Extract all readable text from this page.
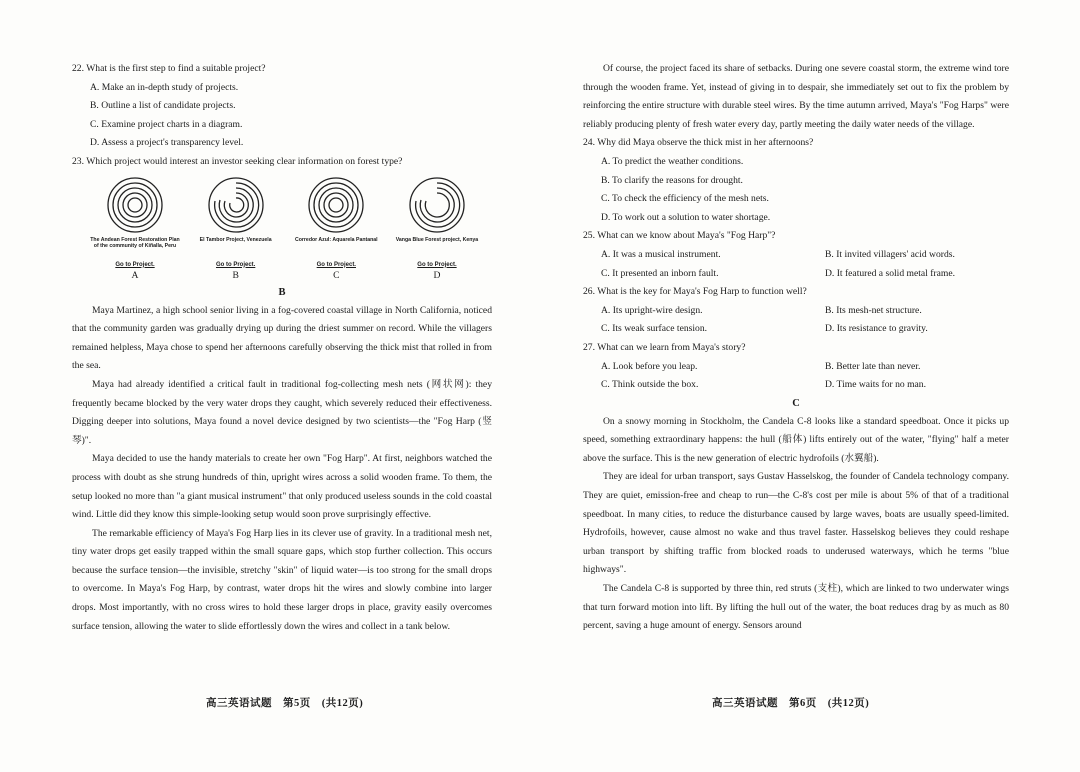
22. What is the first step to find a suitable project?

A. Make an in-depth study of projects.

B. Outline a list of candidate projects.

C. Examine project charts in a diagram.

D. Assess a project's transparency level.

23. Which project would interest an investor seeking clear information on forest type?

The Andean Forest Restoration Plan of the community of Kiñalla, Peru
Go to Project.
A
El Tambor Project, Venezuela
Go to Project.
B
Corredor Azul: Aquarela Pantanal
Go to Project.
C
Vanga Blue Forest project, Kenya
Go to Project.
D

B

Maya Martinez, a high school senior living in a fog-covered coastal village in North California, noticed that the community garden was gradually drying up during the driest summer on record. While the villagers remained helpless, Maya chose to spend her afternoons carefully observing the thick mist that rolled in from the sea.

Maya had already identified a critical fault in traditional fog-collecting mesh nets (网状网): they frequently became blocked by the very water drops they caught, which severely reduced their effectiveness. Digging deeper into solutions, Maya found a novel device designed by two scientists—the "Fog Harp (竖琴)".

Maya decided to use the handy materials to create her own "Fog Harp". At first, neighbors watched the process with doubt as she strung hundreds of thin, upright wires across a solid wooden frame. To them, the setup looked no more than "a giant musical instrument" that only produced useless sounds in the cold coastal wind. Little did they know this simple-looking setup would soon prove surprisingly effective.

The remarkable efficiency of Maya's Fog Harp lies in its clever use of gravity. In a traditional mesh net, tiny water drops get easily trapped within the small square gaps, which stop further collection. This occurs because the surface tension—the invisible, stretchy "skin" of liquid water—is too strong for the small drops to overcome. In Maya's Fog Harp, by contrast, water drops hit the wires and slowly combine into larger drops. Most importantly, with no cross wires to hold these larger drops in place, gravity easily overcomes surface tension, allowing the water to slide effortlessly down the wires and collect in a tank below.

Of course, the project faced its share of setbacks. During one severe coastal storm, the extreme wind tore through the wooden frame. Yet, instead of giving in to despair, she immediately set out to fix the problem by reinforcing the entire structure with durable steel wires. By the time autumn arrived, Maya's "Fog Harps" were reliably producing plenty of fresh water every day, partly meeting the daily water needs of the village.

24. Why did Maya observe the thick mist in her afternoons?

A. To predict the weather conditions.

B. To clarify the reasons for drought.

C. To check the efficiency of the mesh nets.

D. To work out a solution to water shortage.

25. What can we know about Maya's "Fog Harp"?

A. It was a musical instrument.	B. It invited villagers' acid words.
C. It presented an inborn fault.	D. It featured a solid metal frame.

26. What is the key for Maya's Fog Harp to function well?

A. Its upright-wire design.	B. Its mesh-net structure.
C. Its weak surface tension.	D. Its resistance to gravity.

27. What can we learn from Maya's story?

A. Look before you leap.	B. Better late than never.
C. Think outside the box.	D. Time waits for no man.

C

On a snowy morning in Stockholm, the Candela C-8 looks like a standard speedboat. Once it picks up speed, something extraordinary happens: the hull (船体) lifts entirely out of the water, "flying" half a meter above the surface. This is the new generation of electric hydrofoils (水翼船).

They are ideal for urban transport, says Gustav Hasselskog, the founder of Candela technology company. They are quiet, emission-free and cheap to run—the C-8's cost per mile is about 5% of that of a traditional speedboat. In many cities, to reduce the disturbance caused by large waves, boats are usually speed-limited. Hydrofoils, however, cause almost no wake and thus travel faster. Hasselskog believes they could reshape urban transport by shifting traffic from blocked roads to underused waterways, which he terms "blue highways".

The Candela C-8 is supported by three thin, red struts (支柱), which are linked to two underwater wings that turn forward motion into lift. By lifting the hull out of the water, the boat reduces drag by as much as 80 percent, saving a huge amount of energy. Sensors around

高三英语试题　第5页　(共12页)	高三英语试题　第6页　(共12页)
